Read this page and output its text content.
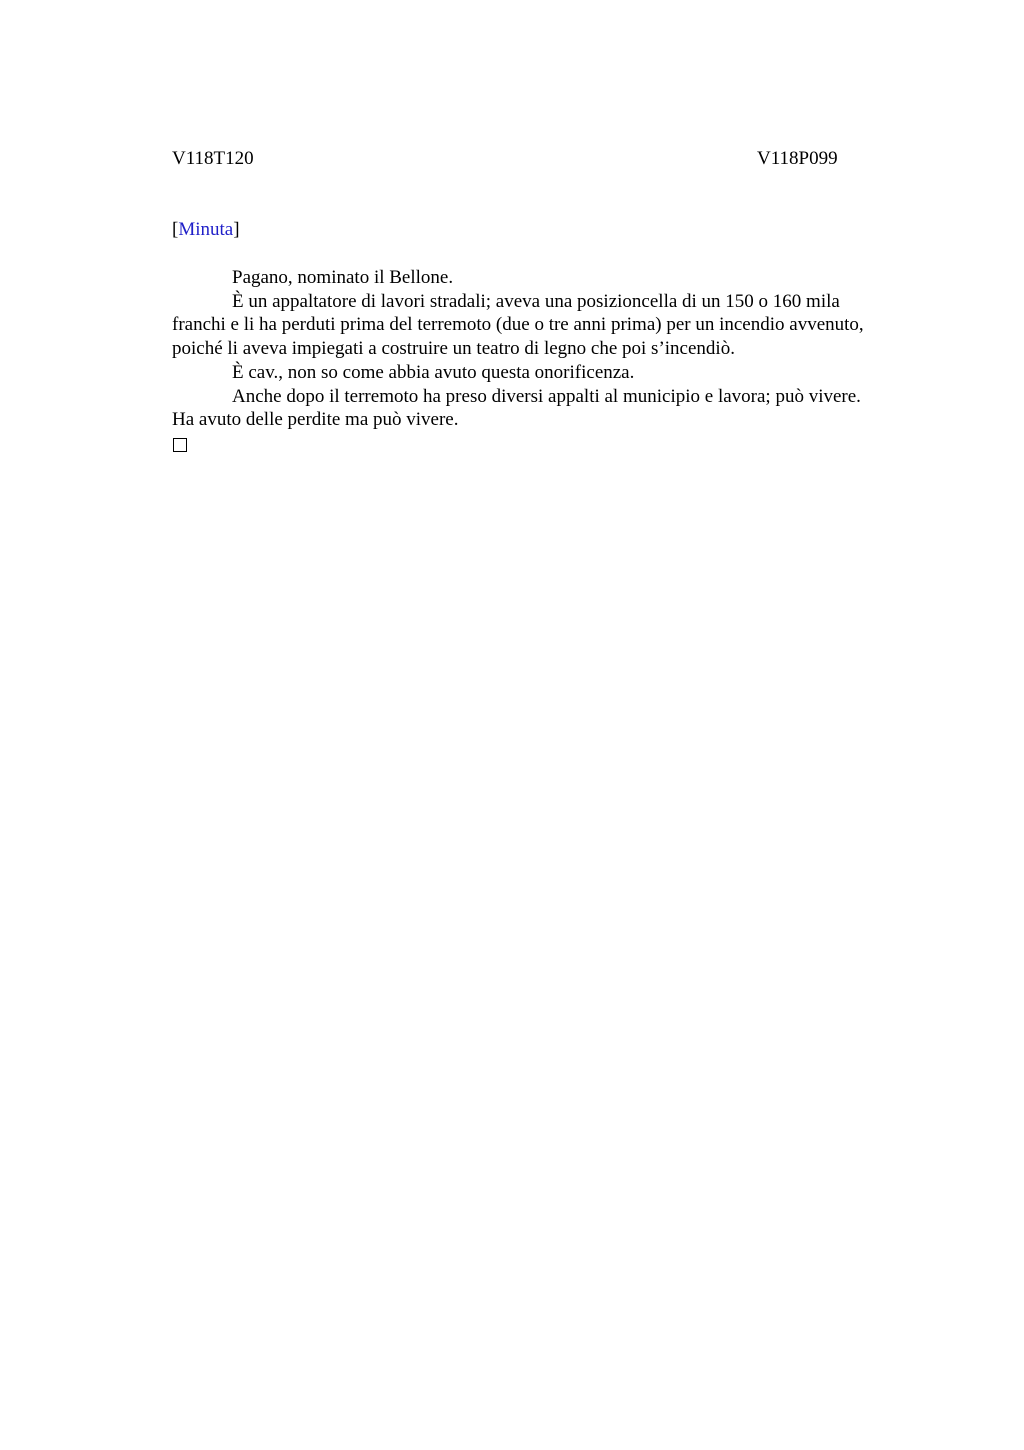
V118T120	V118P099
[Minuta]

Pagano, nominato il Bellone.

È un appaltatore di lavori stradali; aveva una posizioncella di un 150 o 160 mila

franchi e li ha perduti prima del terremoto (due o tre anni prima) per un incendio avvenuto,
poiché li aveva impiegati a costruire un teatro di legno che poi s’incendiò.

È cav., non so come abbia avuto questa onorificenza.

Anche dopo il terremoto ha preso diversi appalti al municipio e lavora; può vivere.

Ha avuto delle perdite ma può vivere.
